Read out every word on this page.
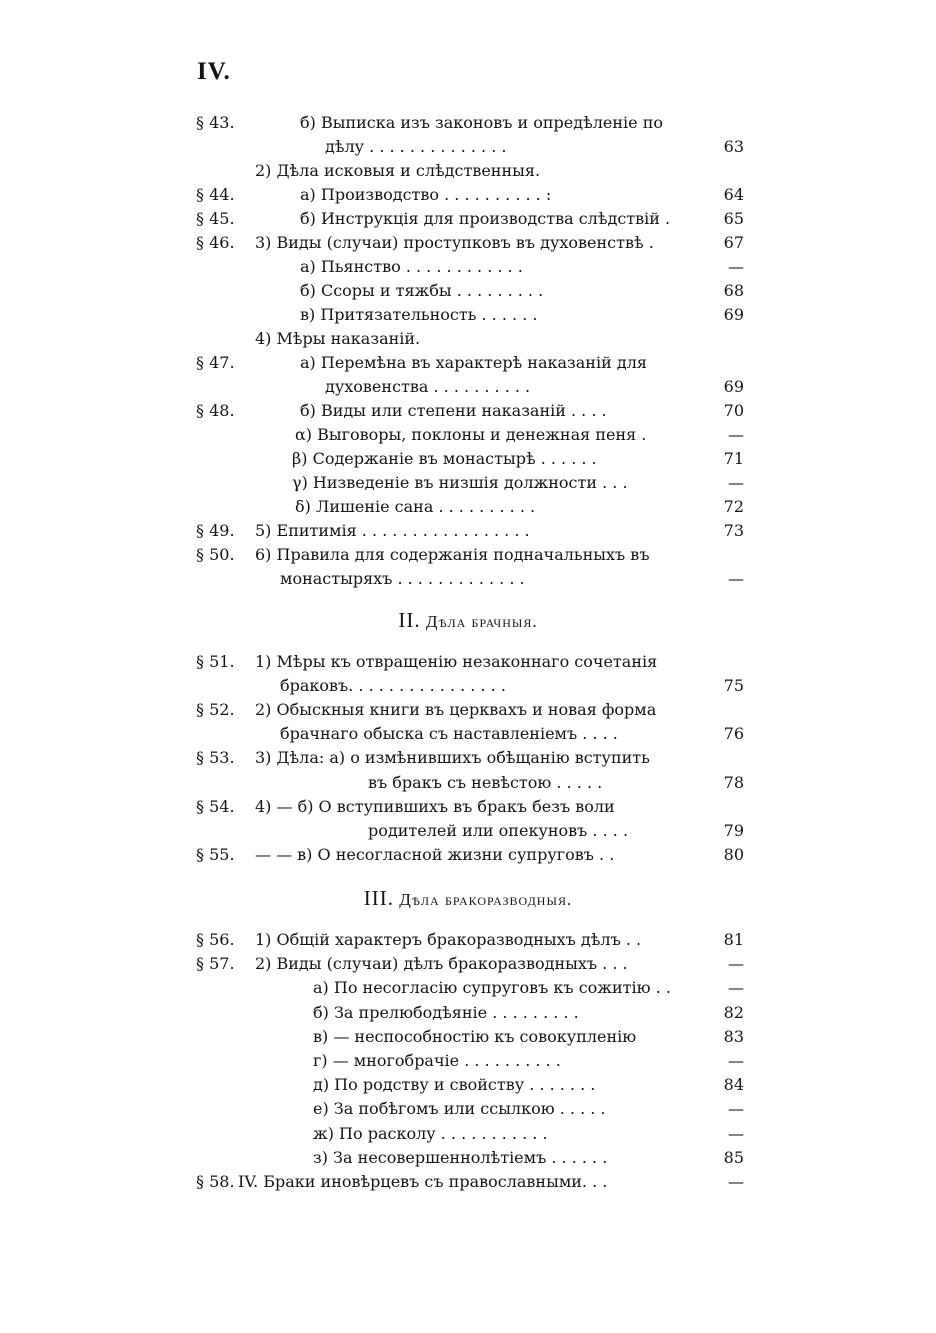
IV.
§ 43.	б) Выписка изъ законовъ и опредѣленіе по
дѣлу . . . . . . . . . . . . . .	63
2) Дѣла исковыя и слѣдственныя.
§ 44.	а) Производство . . . . . . . . . . :	64
§ 45.	б) Инструкція для производства слѣдствій .	65
§ 46. 3) Виды (случаи) проступковъ въ духовенствѣ .	67
а) Пьянство . . . . . . . . . . . .	—
б) Ссоры и тяжбы . . . . . . . . .	68
в) Притязательность . . . . . .	69
4) Мѣры наказаній.
§ 47.	а) Перемѣна въ характерѣ наказаній для
духовенства . . . . . . . . . .	69
§ 48.	б) Виды или степени наказаній . . . .	70
α) Выговоры, поклоны и денежная пеня .	—
β) Содержаніе въ монастырѣ . . . . . .	71
γ) Низведеніе въ низшія должности . . .	—
δ) Лишеніе сана . . . . . . . . . .	72
§ 49. 5) Епитимія . . . . . . . . . . . . . . . . .	73
§ 50. 6) Правила для содержанія подначальныхъ въ
монастыряхъ . . . . . . . . . . . . .	—
II. Дѣла брачныя.
§ 51. 1) Мѣры къ отвращенію незаконнаго сочетанія
браковъ. . . . . . . . . . . . . . . .	75
§ 52. 2) Обыскныя книги въ церквахъ и новая форма
брачнаго обыска съ наставленіемъ . . . .	76
§ 53. 3) Дѣла: а) о измѣнившихъ обѣщанію вступить
въ бракъ съ невѣстою . . . . .	78
§ 54. 4) — б) О вступившихъ въ бракъ безъ воли
родителей или опекуновъ . . . .	79
§ 55. — — в) О несогласной жизни супруговъ . .	80
III. Дѣла бракоразводныя.
§ 56. 1) Общій характеръ бракоразводныхъ дѣлъ . .	81
§ 57. 2) Виды (случаи) дѣлъ бракоразводныхъ . . .	—
а) По несогласію супруговъ къ сожитію . .	—
б) За прелюбодѣяніе . . . . . . . . .	82
в) — неспособностію къ совокупленію	83
г) — многобрачіе . . . . . . . . . .	—
д) По родству и свойству . . . . . . .	84
е) За побѣгомъ или ссылкою . . . . .	—
ж) По расколу . . . . . . . . . . .	—
з) За несовершеннолѣтіемъ . . . . . .	85
§ 58. IV. Браки иновѣрцевъ съ православными. . .	—
